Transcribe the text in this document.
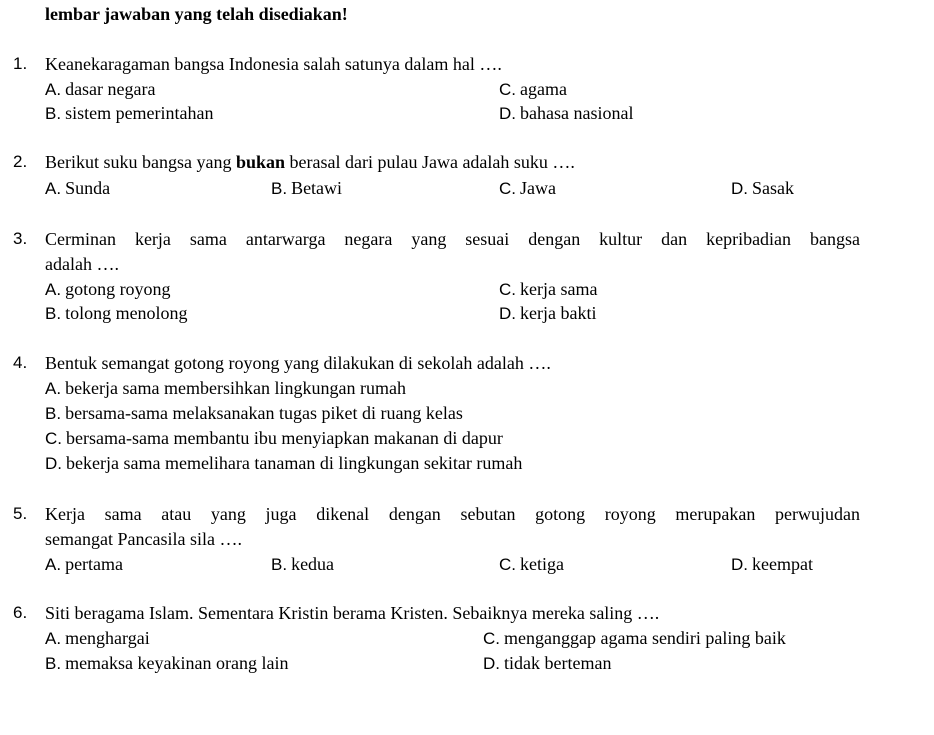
lembar jawaban yang telah disediakan!
1. Keanekaragaman bangsa Indonesia salah satunya dalam hal ….
A. dasar negara
B. sistem pemerintahan
C. agama
D. bahasa nasional
2. Berikut suku bangsa yang bukan berasal dari pulau Jawa adalah suku ….
A. Sunda	B. Betawi	C. Jawa	D. Sasak
3. Cerminan kerja sama antarwarga negara yang sesuai dengan kultur dan kepribadian bangsa
adalah ….
A. gotong royong
B. tolong menolong
C. kerja sama
D. kerja bakti
4. Bentuk semangat gotong royong yang dilakukan di sekolah adalah ….
A. bekerja sama membersihkan lingkungan rumah
B. bersama-sama melaksanakan tugas piket di ruang kelas
C. bersama-sama membantu ibu menyiapkan makanan di dapur
D. bekerja sama memelihara tanaman di lingkungan sekitar rumah
5. Kerja sama atau yang juga dikenal dengan sebutan gotong royong merupakan perwujudan
semangat Pancasila sila ….
A. pertama	B. kedua	C. ketiga	D. keempat
6. Siti beragama Islam. Sementara Kristin berama Kristen. Sebaiknya mereka saling ….
A. menghargai
B. memaksa keyakinan orang lain
C. menganggap agama sendiri paling baik
D. tidak berteman
